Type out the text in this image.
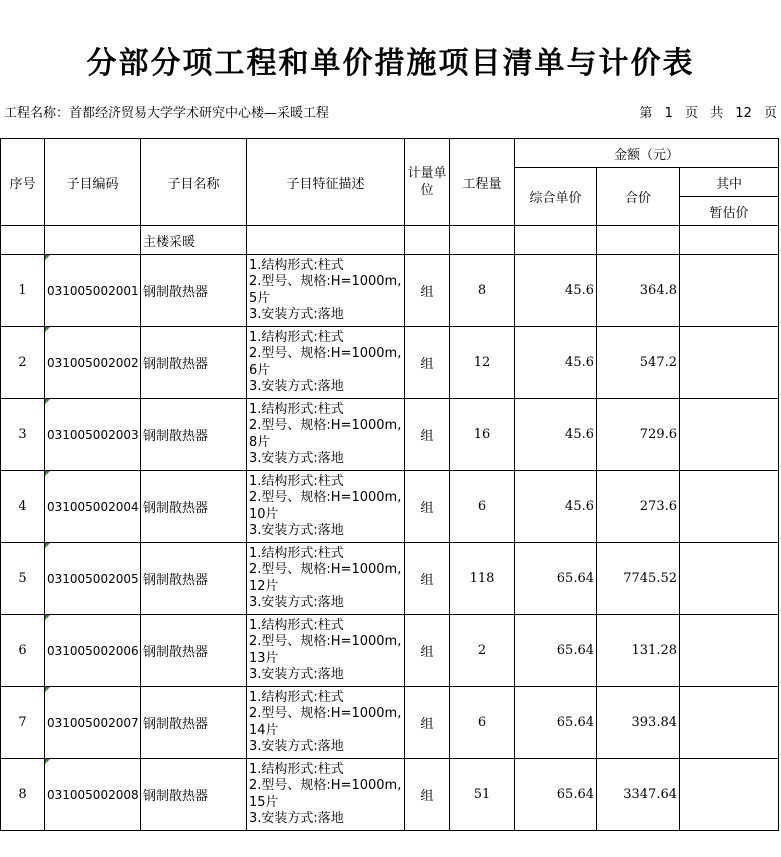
分部分项工程和单价措施项目清单与计价表
工程名称：首都经济贸易大学学术研究中心楼—采暖工程	第 1 页 共 12 页
序号	子目编码	子目名称	子目特征描述	计量单位	工程量	金额（元）		
						综合单价	合价	其中
								暂估价
		主楼采暖						
1	031005002001	钢制散热器	1.结构形式:柱式
2.型号、规格:H=1000m,
5片
3.安装方式:落地	组	8	45.6	364.8	
2	031005002002	钢制散热器	1.结构形式:柱式
2.型号、规格:H=1000m,
6片
3.安装方式:落地	组	12	45.6	547.2	
3	031005002003	钢制散热器	1.结构形式:柱式
2.型号、规格:H=1000m,
8片
3.安装方式:落地	组	16	45.6	729.6	
4	031005002004	钢制散热器	1.结构形式:柱式
2.型号、规格:H=1000m,
10片
3.安装方式:落地	组	6	45.6	273.6	
5	031005002005	钢制散热器	1.结构形式:柱式
2.型号、规格:H=1000m,
12片
3.安装方式:落地	组	118	65.64	7745.52	
6	031005002006	钢制散热器	1.结构形式:柱式
2.型号、规格:H=1000m,
13片
3.安装方式:落地	组	2	65.64	131.28	
7	031005002007	钢制散热器	1.结构形式:柱式
2.型号、规格:H=1000m,
14片
3.安装方式:落地	组	6	65.64	393.84	
8	031005002008	钢制散热器	1.结构形式:柱式
2.型号、规格:H=1000m,
15片
3.安装方式:落地	组	51	65.64	3347.64	
